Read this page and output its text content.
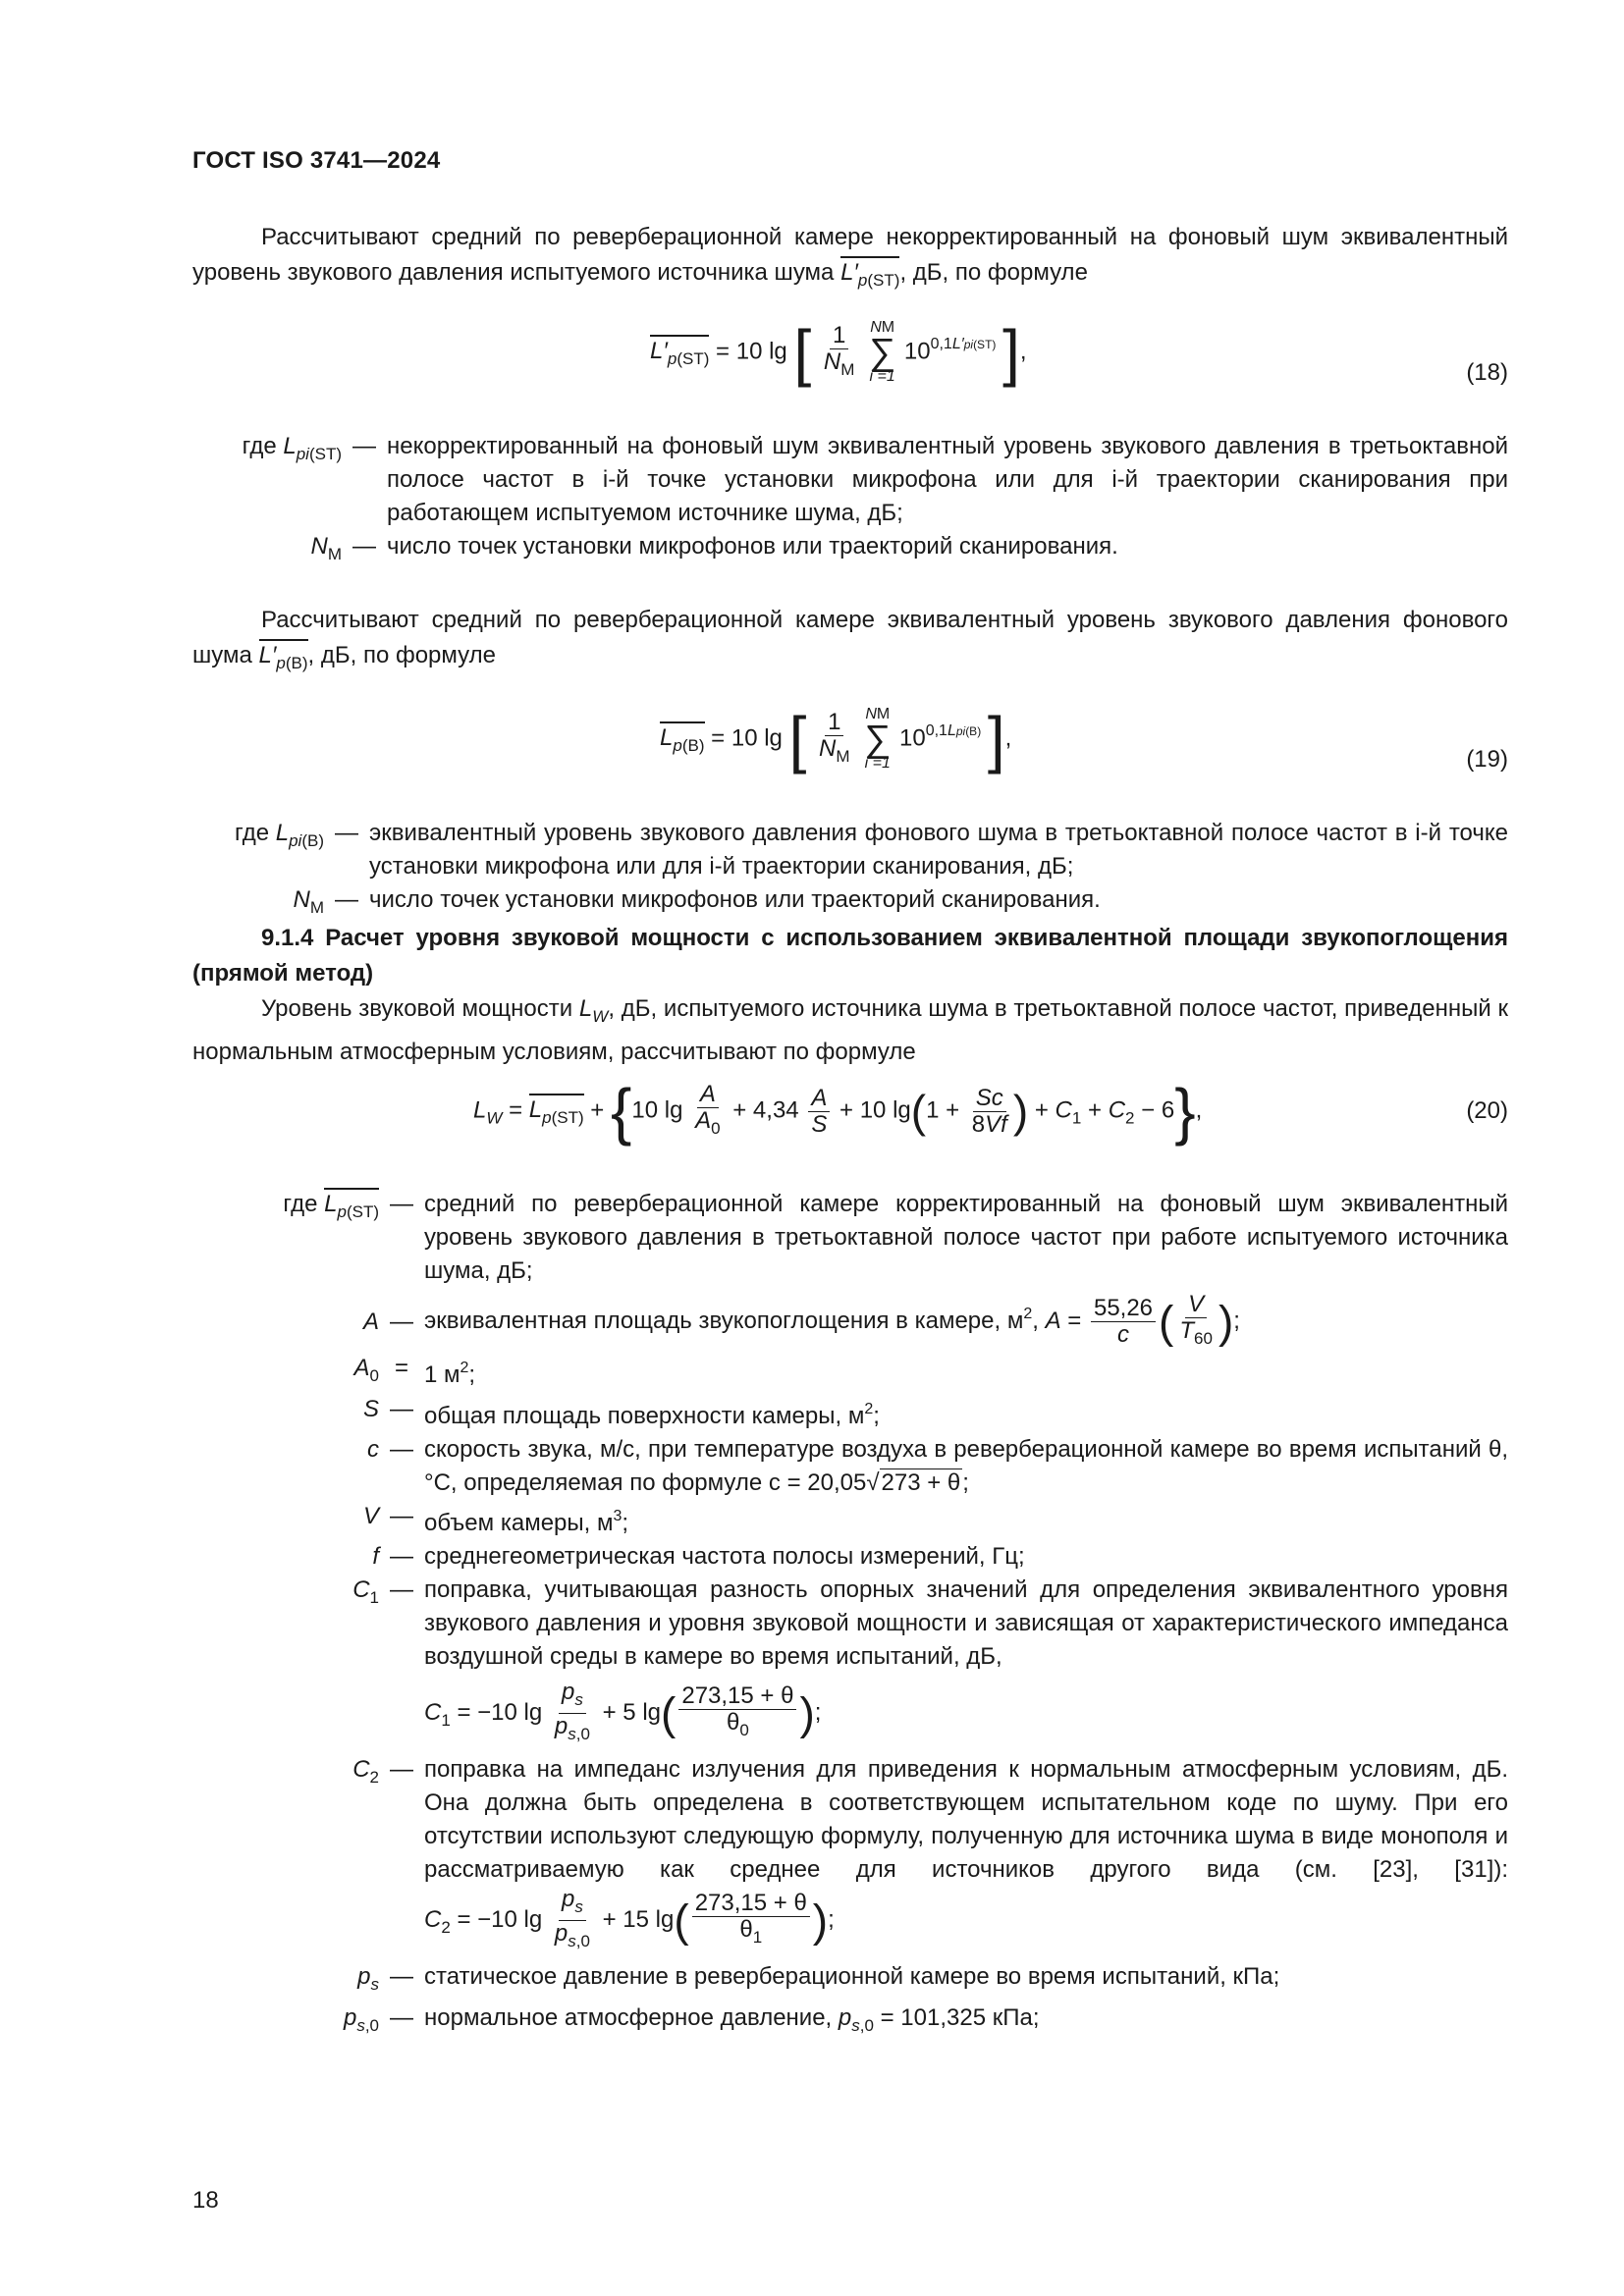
ГОСТ ISO 3741—2024
Рассчитывают средний по реверберационной камере некорректированный на фоновый шум эквивалентный уровень звукового давления испытуемого источника шума $L'_{p(ST)}$, дБ, по формуле
$L'_{p(ST)} = 10$ lg [ $\frac{1}{N_M}$
NM
∑
i =1
$10^{0,1L'pi(ST)}$ ],
(18)
где $L_{pi(ST)}$ — некорректированный на фоновый шум эквивалентный уровень звукового давления в третьоктавной полосе частот в i-й точке установки микрофона или для i-й траектории сканирования при работающем испытуемом источнике шума, дБ;
$N_M$ — число точек установки микрофонов или траекторий сканирования.
Рассчитывают средний по реверберационной камере эквивалентный уровень звукового давления фонового шума $L'_{p(B)}$, дБ, по формуле
$L_{p(B)} = 10$ lg [ $\frac{1}{N_M}$
NM
∑
i =1
$10^{0,1Lpi(B)}$ ],
(19)
где $L_{pi(B)}$ — эквивалентный уровень звукового давления фонового шума в третьоктавной полосе частот в i-й точке установки микрофона или для i-й траектории сканирования, дБ;
$N_M$ — число точек установки микрофонов или траекторий сканирования.
9.1.4 Расчет уровня звуковой мощности с использованием эквивалентной площади звукопоглощения (прямой метод)
Уровень звуковой мощности $L_W$, дБ, испытуемого источника шума в третьоктавной полосе частот, приведенный к нормальным атмосферным условиям, рассчитывают по формуле
$L_W = L_{p(ST)} + \{10$ $\lg \frac{A}{A_0} + 4,34 \frac{A}{S} + 10$ $\lg(1 + \frac{Sc}{8Vf}$ ) + $C_1 + C_2 - 6$},	(20)
где $L_{p(ST)}$ — средний по реверберационной камере корректированный на фоновый шум эквивалентный уровень звукового давления в третьоктавной полосе частот при работе испытуемого источника шума, дБ;
A — эквивалентная площадь звукопоглощения в камере, $м^2$, $A = \frac{55,26}{c}$ ( $\frac{V}{T_{60}}$ );
$A_0 = 1$ $м^2$;
S — общая площадь поверхности камеры, $м^2$;
c — скорость звука, м/с, при температуре воздуха в реверберационной камере во время испытаний θ, °С, определяемая по формуле c = 20,05√273 + θ;
V — объем камеры, $м^3$;
f — среднегеометрическая частота полосы измерений, Гц;
$C_1$ — поправка, учитывающая разность опорных значений для определения эквивалентного уровня звукового давления и уровня звуковой мощности и зависящая от характеристического импеданса воздушной среды в камере во время испытаний, дБ,
$C_1 = -10$ $\lg \frac{p_s}{p_{s,0}} + 5$ $\lg( \frac{273,15 + \theta}{\theta_0}$ );
$C_2$ — поправка на импеданс излучения для приведения к нормальным атмосферным условиям, дБ. Она должна быть определена в соответствующем испытательном коде по шуму. При его отсутствии используют следующую формулу, полученную для источника шума в виде монополя и рассматриваемую как среднее для источников другого вида (см. [23], [31]): $C_2 = -10$ $\lg \frac{p_s}{p_{s,0}} + 15$ $\lg( \frac{273,15 + \theta}{\theta_1}$ );
$p_s$ — статическое давление в реверберационной камере во время испытаний, кПа;
$p_{s,0}$ — нормальное атмосферное давление, $p_{s,0} = 101,325$ кПа;
18
